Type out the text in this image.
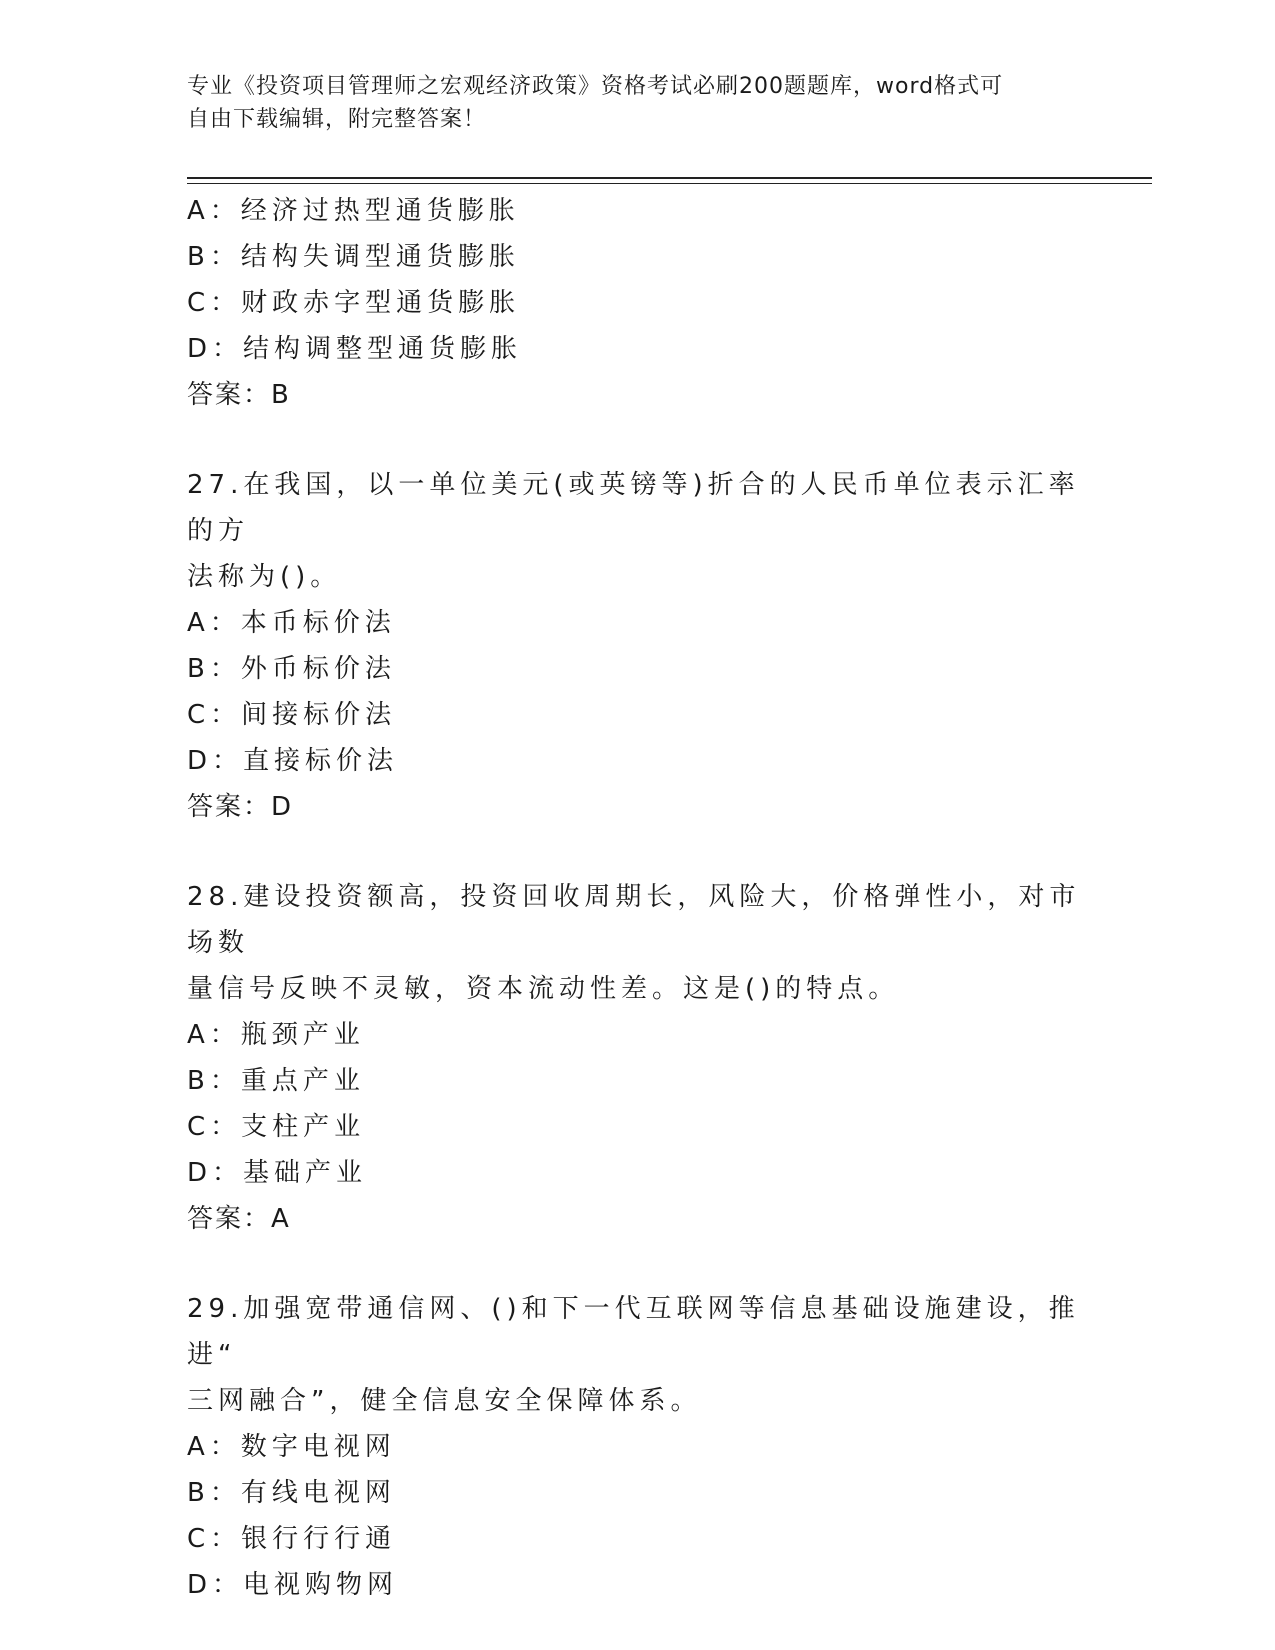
专业《投资项目管理师之宏观经济政策》资格考试必刷200题题库，word格式可
自由下载编辑，附完整答案！
A：经济过热型通货膨胀
B：结构失调型通货膨胀
C：财政赤字型通货膨胀
D：结构调整型通货膨胀
答案：B
27.在我国，以一单位美元(或英镑等)折合的人民币单位表示汇率的方
法称为()。
A：本币标价法
B：外币标价法
C：间接标价法
D：直接标价法
答案：D
28.建设投资额高，投资回收周期长，风险大，价格弹性小，对市场数
量信号反映不灵敏，资本流动性差。这是()的特点。
A：瓶颈产业
B：重点产业
C：支柱产业
D：基础产业
答案：A
29.加强宽带通信网、()和下一代互联网等信息基础设施建设，推进“
三网融合”，健全信息安全保障体系。
A：数字电视网
B：有线电视网
C：银行行行通
D：电视购物网
